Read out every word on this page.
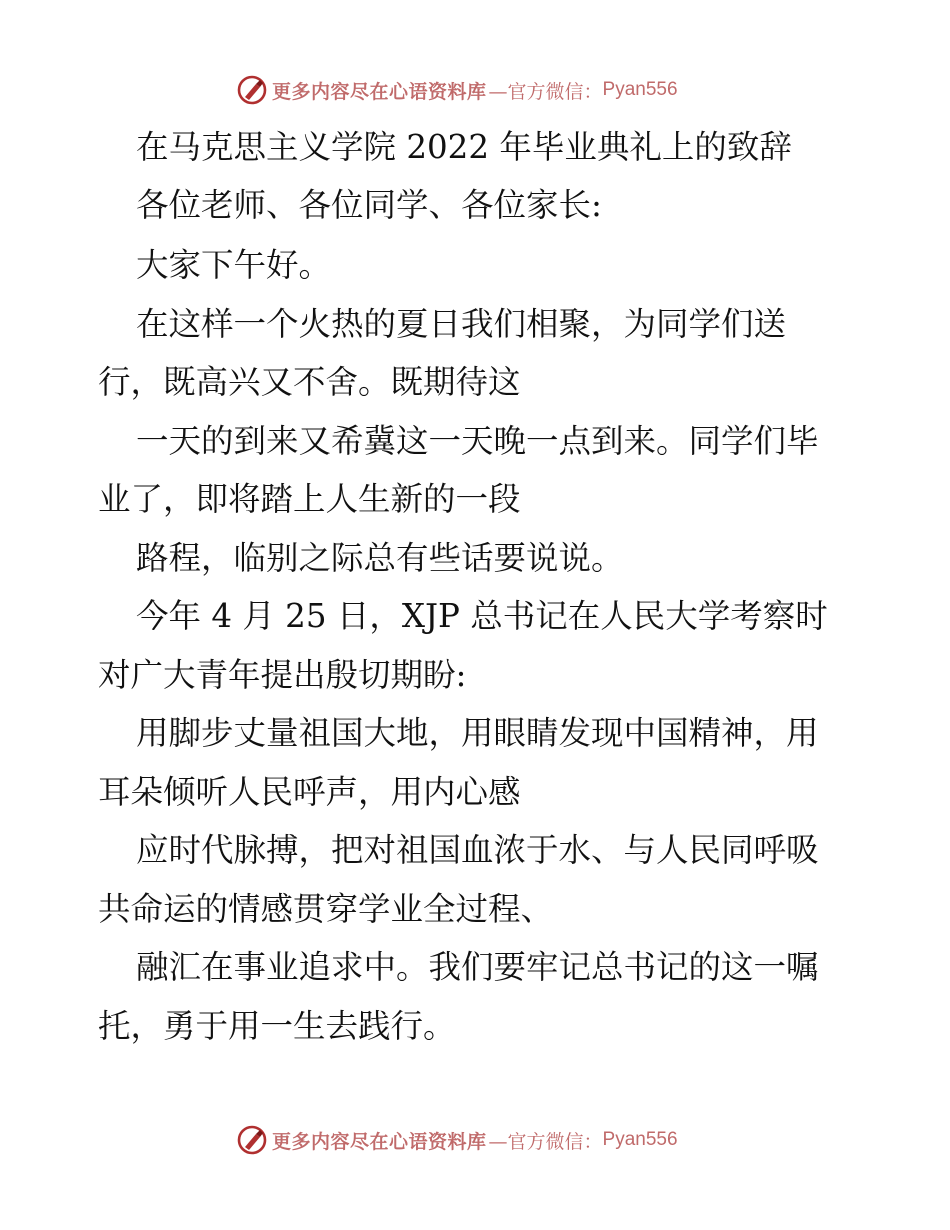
更多内容尽在心语资料库 —官方微信： Pyan556
在马克思主义学院 2022 年毕业典礼上的致辞
各位老师、各位同学、各位家长:
大家下午好。
在这样一个火热的夏日我们相聚，为同学们送
行，既高兴又不舍。既期待这
一天的到来又希冀这一天晚一点到来。同学们毕
业了，即将踏上人生新的一段
路程，临别之际总有些话要说说。
今年 4 月 25 日，XJP 总书记在人民大学考察时
对广大青年提出殷切期盼:
用脚步丈量祖国大地，用眼睛发现中国精神，用
耳朵倾听人民呼声，用内心感
应时代脉搏，把对祖国血浓于水、与人民同呼吸
共命运的情感贯穿学业全过程、
融汇在事业追求中。我们要牢记总书记的这一嘱
托，勇于用一生去践行。
更多内容尽在心语资料库 —官方微信： Pyan556
